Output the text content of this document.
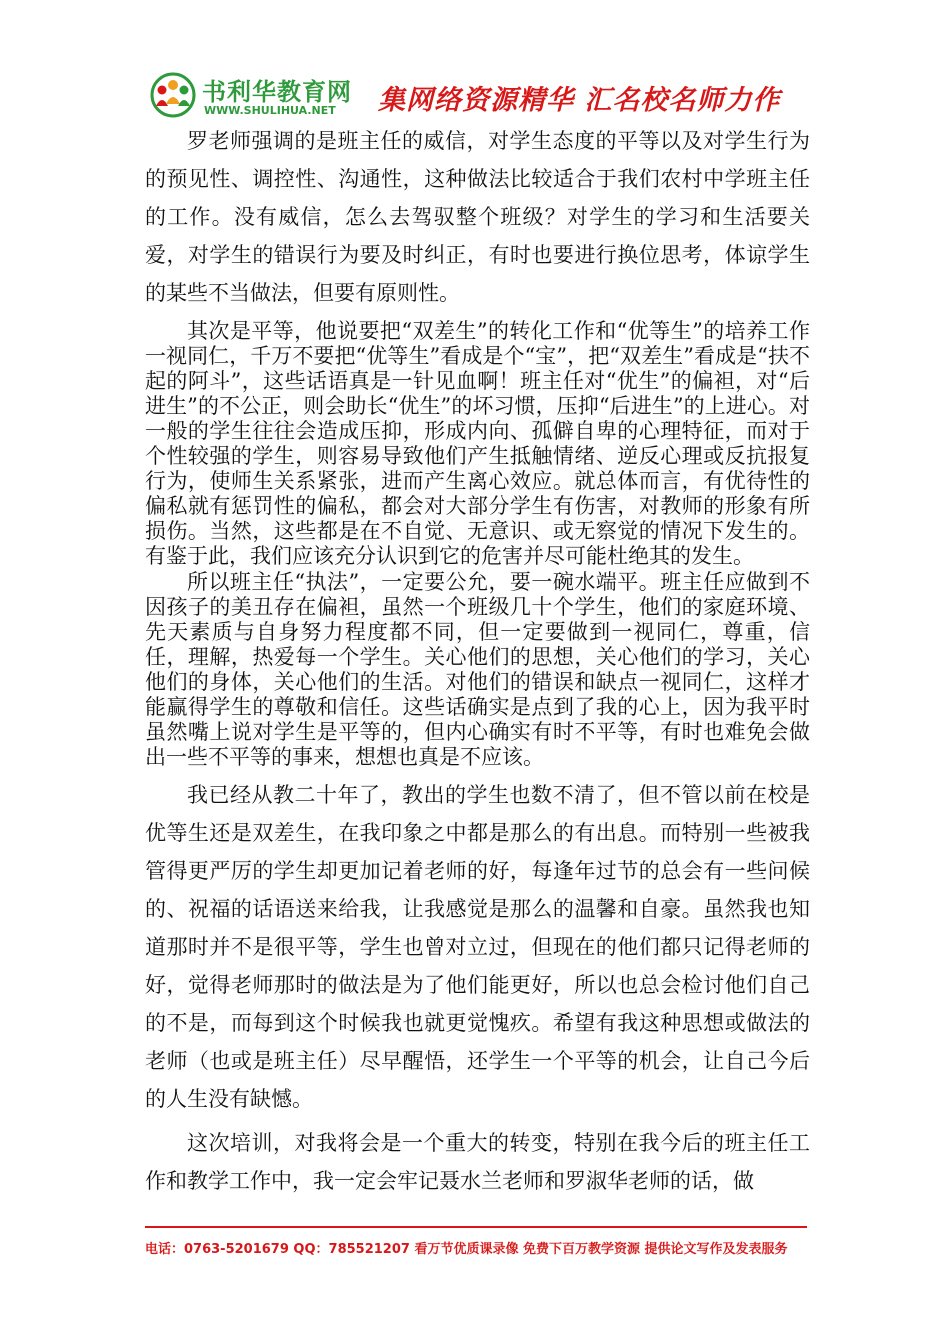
书利华教育网
WWW.SHULIHUA.NET 集网络资源精华 汇名校名师力作

罗老师强调的是班主任的威信，对学生态度的平等以及对学生行为的预见性、调控性、沟通性，这种做法比较适合于我们农村中学班主任的工作。没有威信，怎么去驾驭整个班级？对学生的学习和生活要关爱，对学生的错误行为要及时纠正，有时也要进行换位思考，体谅学生的某些不当做法，但要有原则性。

其次是平等，他说要把“双差生”的转化工作和“优等生”的培养工作一视同仁，千万不要把“优等生”看成是个“宝”，把“双差生”看成是“扶不起的阿斗”，这些话语真是一针见血啊！班主任对“优生”的偏袒，对“后进生”的不公正，则会助长“优生”的坏习惯，压抑“后进生”的上进心。对一般的学生往往会造成压抑，形成内向、孤僻自卑的心理特征，而对于个性较强的学生，则容易导致他们产生抵触情绪、逆反心理或反抗报复行为，使师生关系紧张，进而产生离心效应。就总体而言，有优待性的偏私就有惩罚性的偏私，都会对大部分学生有伤害，对教师的形象有所损伤。当然，这些都是在不自觉、无意识、或无察觉的情况下发生的。有鉴于此，我们应该充分认识到它的危害并尽可能杜绝其的发生。

所以班主任“执法”，一定要公允，要一碗水端平。班主任应做到不因孩子的美丑存在偏袒，虽然一个班级几十个学生，他们的家庭环境、先天素质与自身努力程度都不同，但一定要做到一视同仁，尊重，信任，理解，热爱每一个学生。关心他们的思想，关心他们的学习，关心他们的身体，关心他们的生活。对他们的错误和缺点一视同仁，这样才能赢得学生的尊敬和信任。这些话确实是点到了我的心上，因为我平时虽然嘴上说对学生是平等的，但内心确实有时不平等，有时也难免会做出一些不平等的事来，想想也真是不应该。

我已经从教二十年了，教出的学生也数不清了，但不管以前在校是优等生还是双差生，在我印象之中都是那么的有出息。而特别一些被我管得更严厉的学生却更加记着老师的好，每逢年过节的总会有一些问候的、祝福的话语送来给我，让我感觉是那么的温馨和自豪。虽然我也知道那时并不是很平等，学生也曾对立过，但现在的他们都只记得老师的好，觉得老师那时的做法是为了他们能更好，所以也总会检讨他们自己的不是，而每到这个时候我也就更觉愧疚。希望有我这种思想或做法的老师（也或是班主任）尽早醒悟，还学生一个平等的机会，让自己今后的人生没有缺憾。

这次培训，对我将会是一个重大的转变，特别在我今后的班主任工作和教学工作中，我一定会牢记聂水兰老师和罗淑华老师的话，做

电话：0763-5201679 QQ：785521207 看万节优质课录像 免费下百万教学资源 提供论文写作及发表服务
